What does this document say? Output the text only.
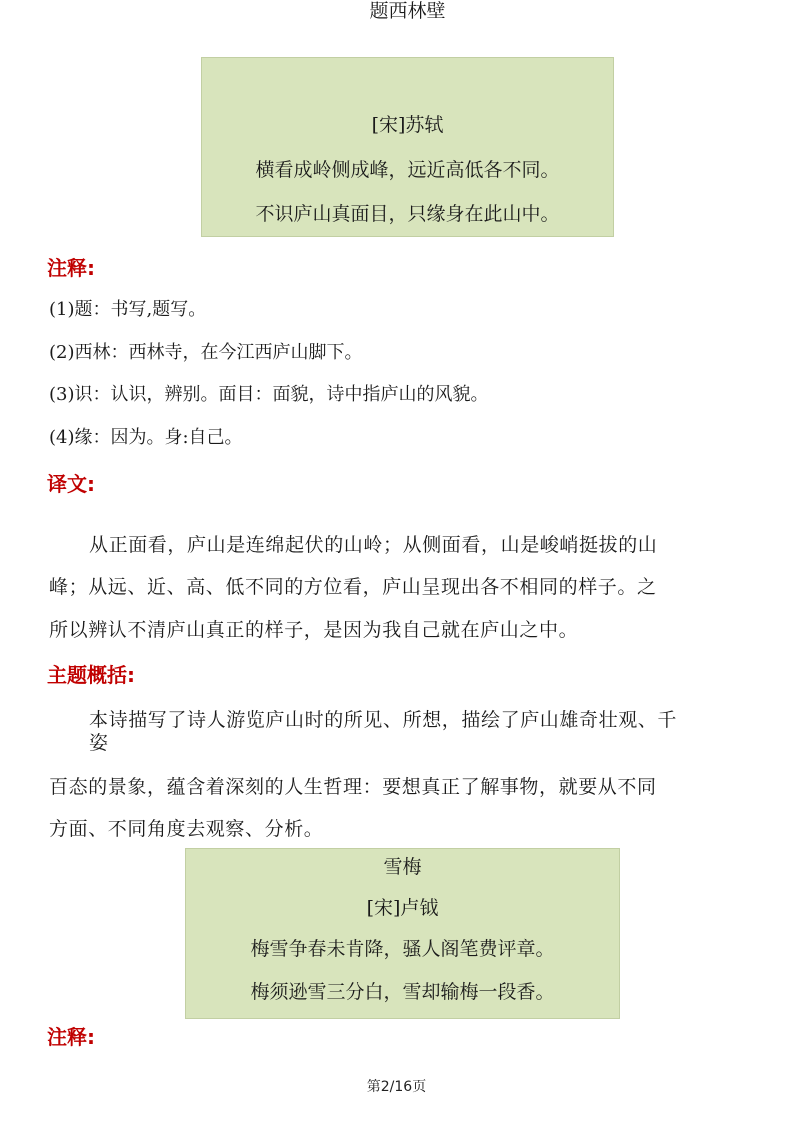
题西林壁
[宋]苏轼
横看成岭侧成峰，远近高低各不同。
不识庐山真面目，只缘身在此山中。
注释:
(1)题：书写,题写。
(2)西林：西林寺，在今江西庐山脚下。
(3)识：认识，辨别。面目：面貌，诗中指庐山的风貌。
(4)缘：因为。身:自己。
译文:
从正面看，庐山是连绵起伏的山岭；从侧面看，山是峻峭挺拔的山
峰；从远、近、高、低不同的方位看，庐山呈现出各不相同的样子。之
所以辨认不清庐山真正的样子，是因为我自己就在庐山之中。
主题概括:
本诗描写了诗人游览庐山时的所见、所想，描绘了庐山雄奇壮观、千
姿
百态的景象，蕴含着深刻的人生哲理：要想真正了解事物，就要从不同
方面、不同角度去观察、分析。
雪梅
[宋]卢钺
梅雪争春未肯降，骚人阁笔费评章。
梅须逊雪三分白，雪却输梅一段香。
注释:
第2/16页
